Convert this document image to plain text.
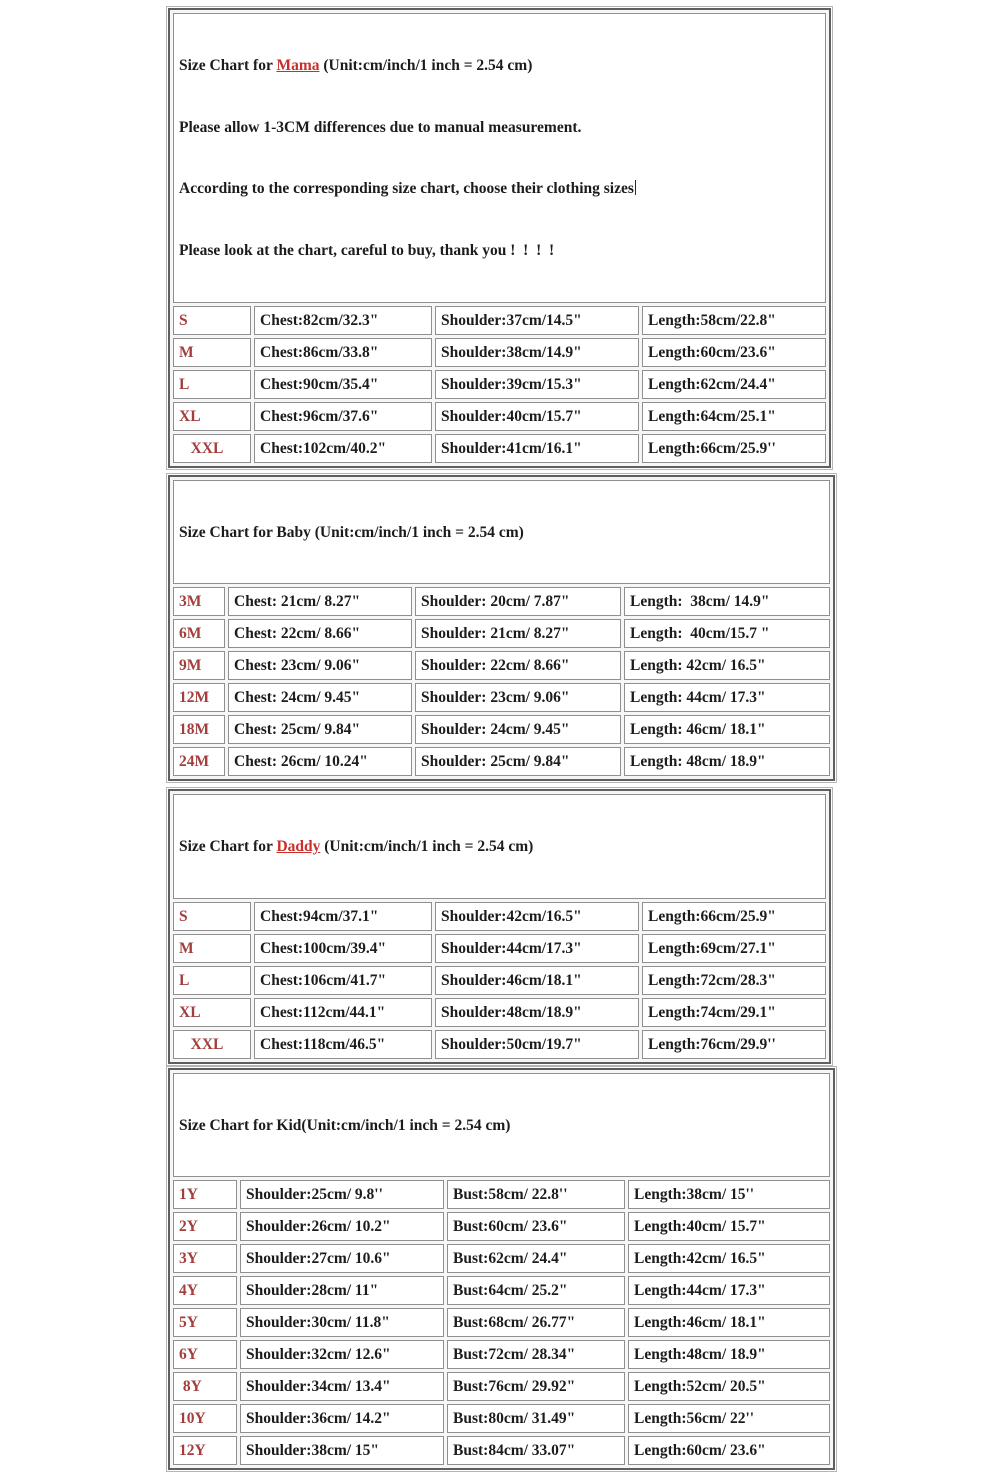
Size Chart for Mama (Unit:cm/inch/1 inch = 2.54 cm)

Please allow 1-3CM differences due to manual measurement.

According to the corresponding size chart, choose their clothing sizes

Please look at the chart, careful to buy, thank you !  !  !  !			

S	Chest:82cm/32.3"	Shoulder:37cm/14.5"	Length:58cm/22.8"
M	Chest:86cm/33.8"	Shoulder:38cm/14.9"	Length:60cm/23.6"
L	Chest:90cm/35.4"	Shoulder:39cm/15.3"	Length:62cm/24.4"
XL	Chest:96cm/37.6"	Shoulder:40cm/15.7"	Length:64cm/25.1"
XXL	Chest:102cm/40.2"	Shoulder:41cm/16.1"	Length:66cm/25.9''

Size Chart for Baby (Unit:cm/inch/1 inch = 2.54 cm)			

3M	Chest: 21cm/ 8.27"	Shoulder: 20cm/ 7.87"	Length:  38cm/ 14.9"
6M	Chest: 22cm/ 8.66"	Shoulder: 21cm/ 8.27"	Length:  40cm/15.7 "
9M	Chest: 23cm/ 9.06"	Shoulder: 22cm/ 8.66"	Length: 42cm/ 16.5"
12M	Chest: 24cm/ 9.45"	Shoulder: 23cm/ 9.06"	Length: 44cm/ 17.3"
18M	Chest: 25cm/ 9.84"	Shoulder: 24cm/ 9.45"	Length: 46cm/ 18.1"
24M	Chest: 26cm/ 10.24"	Shoulder: 25cm/ 9.84"	Length: 48cm/ 18.9"

Size Chart for Daddy (Unit:cm/inch/1 inch = 2.54 cm)			

S	Chest:94cm/37.1"	Shoulder:42cm/16.5"	Length:66cm/25.9"
M	Chest:100cm/39.4"	Shoulder:44cm/17.3"	Length:69cm/27.1"
L	Chest:106cm/41.7"	Shoulder:46cm/18.1"	Length:72cm/28.3"
XL	Chest:112cm/44.1"	Shoulder:48cm/18.9"	Length:74cm/29.1"
XXL	Chest:118cm/46.5"	Shoulder:50cm/19.7"	Length:76cm/29.9''

Size Chart for Kid(Unit:cm/inch/1 inch = 2.54 cm)			

1Y	Shoulder:25cm/ 9.8''	Bust:58cm/ 22.8''	Length:38cm/ 15''
2Y	Shoulder:26cm/ 10.2"	Bust:60cm/ 23.6"	Length:40cm/ 15.7"
3Y	Shoulder:27cm/ 10.6"	Bust:62cm/ 24.4"	Length:42cm/ 16.5"
4Y	Shoulder:28cm/ 11"	Bust:64cm/ 25.2"	Length:44cm/ 17.3"
5Y	Shoulder:30cm/ 11.8"	Bust:68cm/ 26.77"	Length:46cm/ 18.1"
6Y	Shoulder:32cm/ 12.6"	Bust:72cm/ 28.34"	Length:48cm/ 18.9"
8Y	Shoulder:34cm/ 13.4"	Bust:76cm/ 29.92"	Length:52cm/ 20.5"
10Y	Shoulder:36cm/ 14.2"	Bust:80cm/ 31.49"	Length:56cm/ 22''
12Y	Shoulder:38cm/ 15"	Bust:84cm/ 33.07"	Length:60cm/ 23.6"
